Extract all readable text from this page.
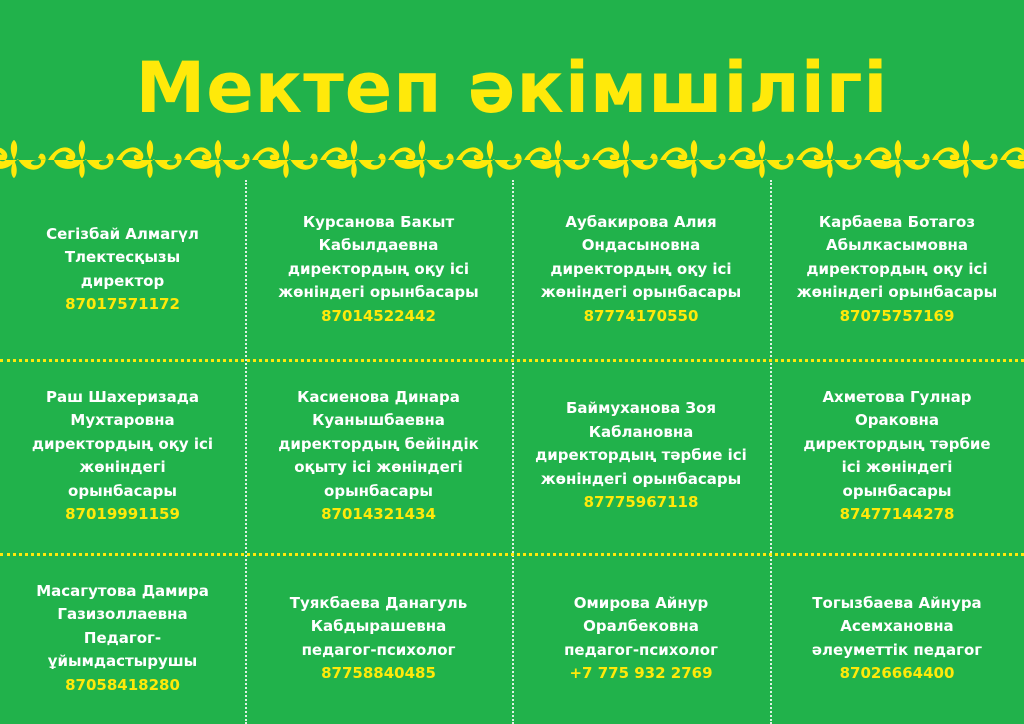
Мектеп әкімшілігі
Сегізбай Алмагүл
Тлектесқызы
директор
87017571172
Курсанова Бакыт
Кабылдаевна
директордың оқу ісі
жөніндегі орынбасары
87014522442
Аубакирова Алия
Ондасыновна
директордың оқу ісі
жөніндегі орынбасары
87774170550
Карбаева Ботагоз
Абылкасымовна
директордың оқу ісі
жөніндегі орынбасары
87075757169
Раш Шахеризада
Мухтаровна
директордың оқу ісі
жөніндегі
орынбасары
87019991159
Касиенова Динара
Куанышбаевна
директордың бейіндік
оқыту ісі жөніндегі
орынбасары
87014321434
Баймуханова Зоя
Каблановна
директордың тәрбие ісі
жөніндегі орынбасары
87775967118
Ахметова Гулнар
Ораковна
директордың тәрбие
ісі жөніндегі
орынбасары
87477144278
Масагутова Дамира
Газизоллаевна
Педагог-
ұйымдастырушы
87058418280
Туякбаева Данагуль
Кабдырашевна
педагог-психолог
87758840485
Омирова Айнур
Оралбековна
педагог-психолог
+7 775 932 2769
Тогызбаева Айнура
Асемхановна
әлеуметтік педагог
87026664400
